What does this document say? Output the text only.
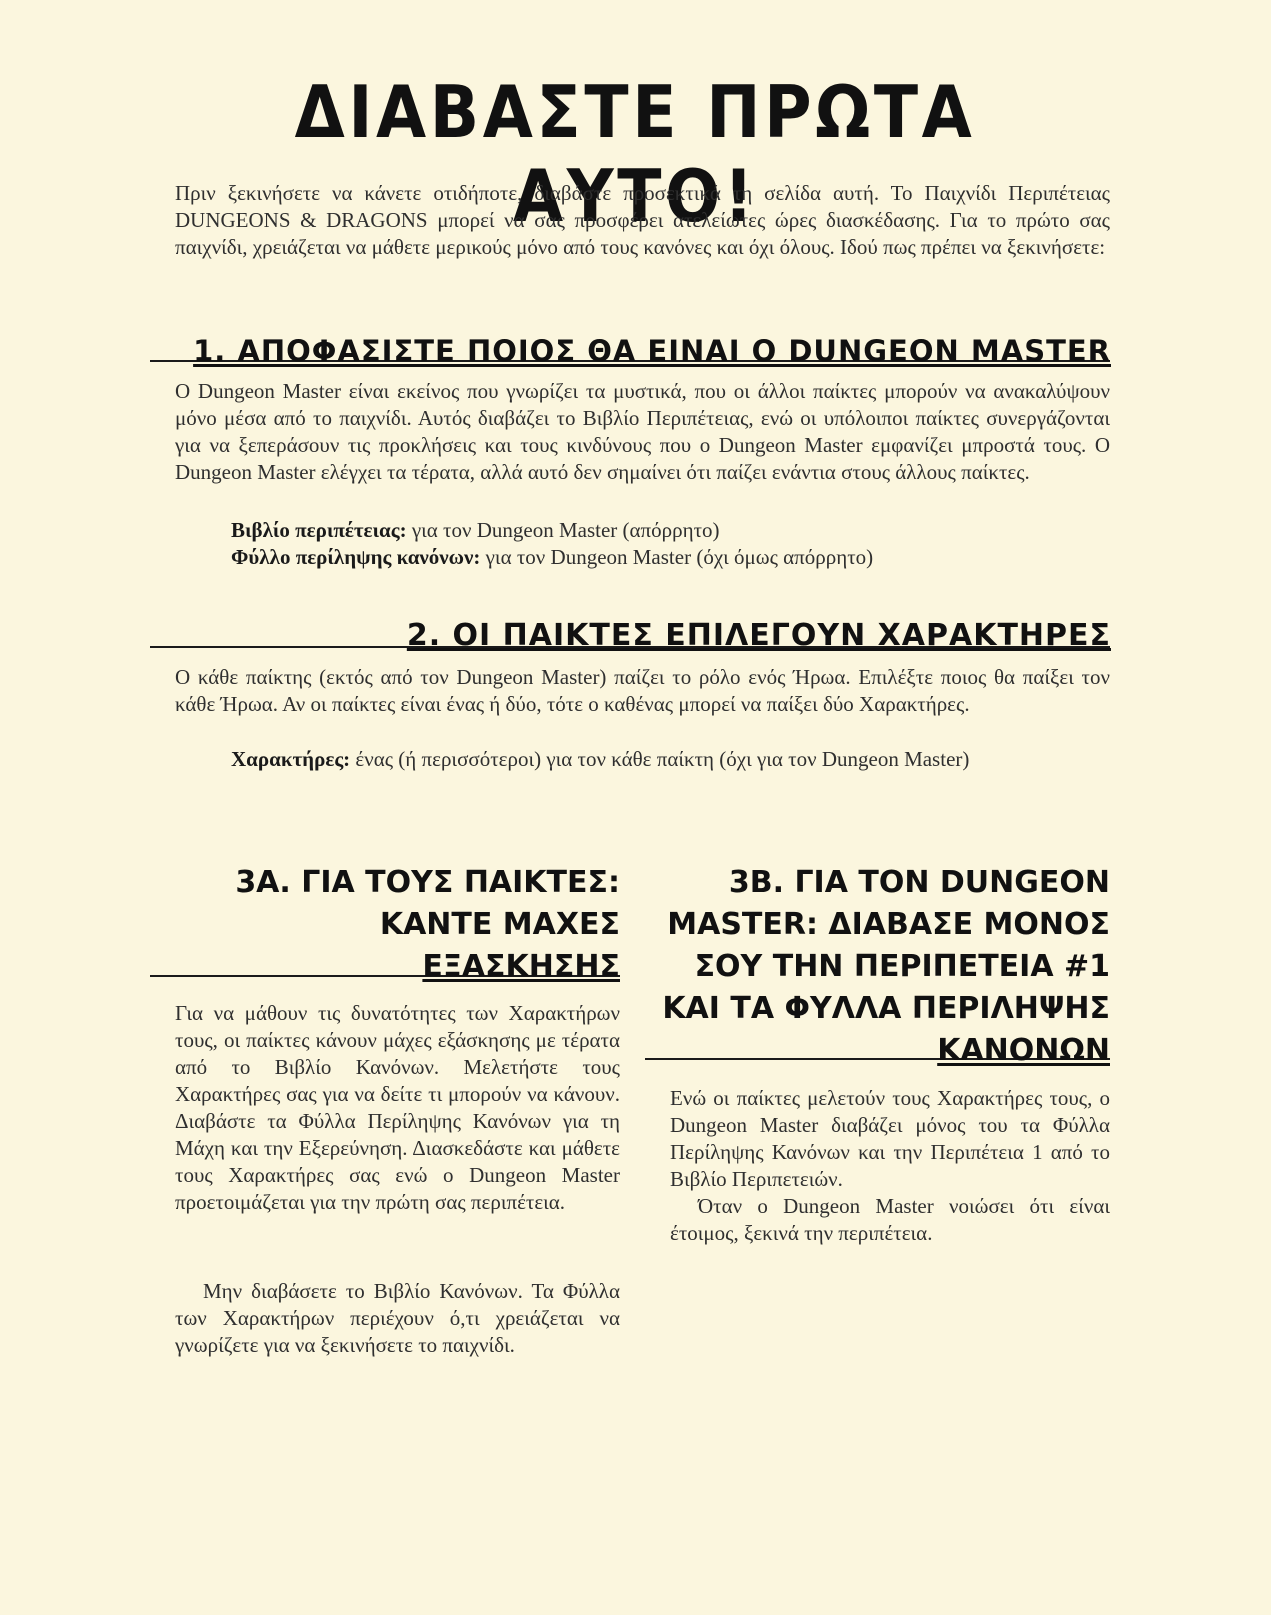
ΔΙΑΒΑΣΤΕ ΠΡΩΤΑ ΑΥΤΟ!

Πριν ξεκινήσετε να κάνετε οτιδήποτε, διαβάστε προσεκτικά τη σελίδα αυτή. Το Παιχνίδι Περιπέτειας DUNGEONS & DRAGONS μπορεί να σας προσφέρει ατελείωτες ώρες διασκέδασης. Για το πρώτο σας παιχνίδι, χρειάζεται να μάθετε μερικούς μόνο από τους κανόνες και όχι όλους. Ιδού πως πρέπει να ξεκινήσετε:

1. ΑΠΟΦΑΣΙΣΤΕ ΠΟΙΟΣ ΘΑ ΕΙΝΑΙ Ο DUNGEON MASTER

Ο Dungeon Master είναι εκείνος που γνωρίζει τα μυστικά, που οι άλλοι παίκτες μπορούν να ανακαλύψουν μόνο μέσα από το παιχνίδι. Αυτός διαβάζει το Βιβλίο Περιπέτειας, ενώ οι υπόλοιποι παίκτες συνεργάζονται για να ξεπεράσουν τις προκλήσεις και τους κινδύνους που ο Dungeon Master εμφανίζει μπροστά τους. Ο Dungeon Master ελέγχει τα τέρατα, αλλά αυτό δεν σημαίνει ότι παίζει ενάντια στους άλλους παίκτες.

Βιβλίο περιπέτειας: για τον Dungeon Master (απόρρητο)

Φύλλο περίληψης κανόνων: για τον Dungeon Master (όχι όμως απόρρητο)

2. ΟΙ ΠΑΙΚΤΕΣ ΕΠΙΛΕΓΟΥΝ ΧΑΡΑΚΤΗΡΕΣ

Ο κάθε παίκτης (εκτός από τον Dungeon Master) παίζει το ρόλο ενός Ήρωα. Επιλέξτε ποιος θα παίξει τον κάθε Ήρωα. Αν οι παίκτες είναι ένας ή δύο, τότε ο καθένας μπορεί να παίξει δύο Χαρακτήρες.

Χαρακτήρες: ένας (ή περισσότεροι) για τον κάθε παίκτη (όχι για τον Dungeon Master)

3Α. ΓΙΑ ΤΟΥΣ ΠΑΙΚΤΕΣ:
ΚΑΝΤΕ ΜΑΧΕΣ
ΕΞΑΣΚΗΣΗΣ

Για να μάθουν τις δυνατότητες των Χαρακτήρων τους, οι παίκτες κάνουν μάχες εξάσκησης με τέρατα από το Βιβλίο Κανόνων. Μελετήστε τους Χαρακτήρες σας για να δείτε τι μπορούν να κάνουν. Διαβάστε τα Φύλλα Περίληψης Κανόνων για τη Μάχη και την Εξερεύνηση. Διασκεδάστε και μάθετε τους Χαρακτήρες σας ενώ ο Dungeon Master προετοιμάζεται για την πρώτη σας περιπέτεια.

Μην διαβάσετε το Βιβλίο Κανόνων. Τα Φύλλα των Χαρακτήρων περιέχουν ό,τι χρειάζεται να γνωρίζετε για να ξεκινήσετε το παιχνίδι.

3Β. ΓΙΑ ΤΟΝ DUNGEON
MASTER: ΔΙΑΒΑΣΕ ΜΟΝΟΣ
ΣΟΥ ΤΗΝ ΠΕΡΙΠΕΤΕΙΑ #1
ΚΑΙ ΤΑ ΦΥΛΛΑ ΠΕΡΙΛΗΨΗΣ
ΚΑΝΟΝΩΝ

Ενώ οι παίκτες μελετούν τους Χαρακτήρες τους, ο Dungeon Master διαβάζει μόνος του τα Φύλλα Περίληψης Κανόνων και την Περιπέτεια 1 από το Βιβλίο Περιπετειών.

Όταν ο Dungeon Master νοιώσει ότι είναι έτοιμος, ξεκινά την περιπέτεια.
